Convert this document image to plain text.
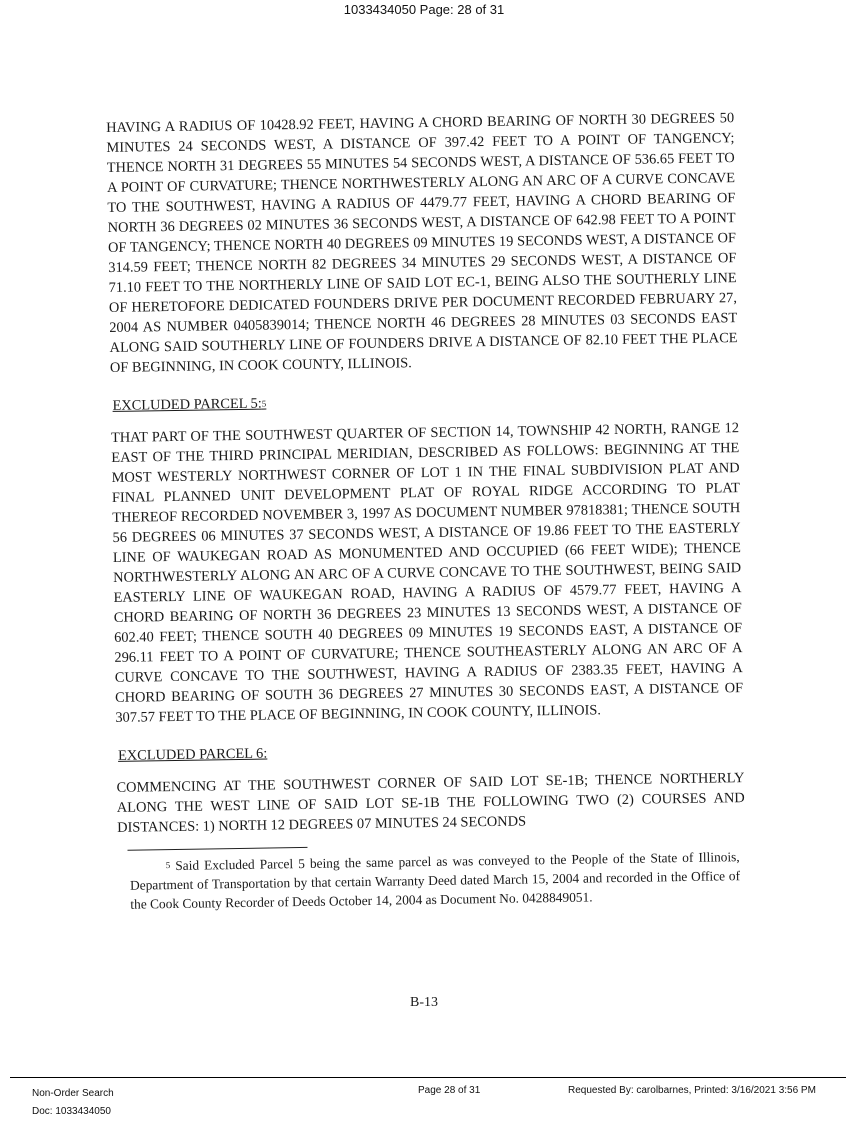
1033434050 Page: 28 of 31

HAVING A RADIUS OF 10428.92 FEET, HAVING A CHORD BEARING OF NORTH 30 DEGREES 50 MINUTES 24 SECONDS WEST, A DISTANCE OF 397.42 FEET TO A POINT OF TANGENCY; THENCE NORTH 31 DEGREES 55 MINUTES 54 SECONDS WEST, A DISTANCE OF 536.65 FEET TO A POINT OF CURVATURE; THENCE NORTHWESTERLY ALONG AN ARC OF A CURVE CONCAVE TO THE SOUTHWEST, HAVING A RADIUS OF 4479.77 FEET, HAVING A CHORD BEARING OF NORTH 36 DEGREES 02 MINUTES 36 SECONDS WEST, A DISTANCE OF 642.98 FEET TO A POINT OF TANGENCY; THENCE NORTH 40 DEGREES 09 MINUTES 19 SECONDS WEST, A DISTANCE OF 314.59 FEET; THENCE NORTH 82 DEGREES 34 MINUTES 29 SECONDS WEST, A DISTANCE OF 71.10 FEET TO THE NORTHERLY LINE OF SAID LOT EC-1, BEING ALSO THE SOUTHERLY LINE OF HERETOFORE DEDICATED FOUNDERS DRIVE PER DOCUMENT RECORDED FEBRUARY 27, 2004 AS NUMBER 0405839014; THENCE NORTH 46 DEGREES 28 MINUTES 03 SECONDS EAST ALONG SAID SOUTHERLY LINE OF FOUNDERS DRIVE A DISTANCE OF 82.10 FEET THE PLACE OF BEGINNING, IN COOK COUNTY, ILLINOIS.

EXCLUDED PARCEL 5:$^5$

THAT PART OF THE SOUTHWEST QUARTER OF SECTION 14, TOWNSHIP 42 NORTH, RANGE 12 EAST OF THE THIRD PRINCIPAL MERIDIAN, DESCRIBED AS FOLLOWS: BEGINNING AT THE MOST WESTERLY NORTHWEST CORNER OF LOT 1 IN THE FINAL SUBDIVISION PLAT AND FINAL PLANNED UNIT DEVELOPMENT PLAT OF ROYAL RIDGE ACCORDING TO PLAT THEREOF RECORDED NOVEMBER 3, 1997 AS DOCUMENT NUMBER 97818381; THENCE SOUTH 56 DEGREES 06 MINUTES 37 SECONDS WEST, A DISTANCE OF 19.86 FEET TO THE EASTERLY LINE OF WAUKEGAN ROAD AS MONUMENTED AND OCCUPIED (66 FEET WIDE); THENCE NORTHWESTERLY ALONG AN ARC OF A CURVE CONCAVE TO THE SOUTHWEST, BEING SAID EASTERLY LINE OF WAUKEGAN ROAD, HAVING A RADIUS OF 4579.77 FEET, HAVING A CHORD BEARING OF NORTH 36 DEGREES 23 MINUTES 13 SECONDS WEST, A DISTANCE OF 602.40 FEET; THENCE SOUTH 40 DEGREES 09 MINUTES 19 SECONDS EAST, A DISTANCE OF 296.11 FEET TO A POINT OF CURVATURE; THENCE SOUTHEASTERLY ALONG AN ARC OF A CURVE CONCAVE TO THE SOUTHWEST, HAVING A RADIUS OF 2383.35 FEET, HAVING A CHORD BEARING OF SOUTH 36 DEGREES 27 MINUTES 30 SECONDS EAST, A DISTANCE OF 307.57 FEET TO THE PLACE OF BEGINNING, IN COOK COUNTY, ILLINOIS.

EXCLUDED PARCEL 6:

COMMENCING AT THE SOUTHWEST CORNER OF SAID LOT SE-1B; THENCE NORTHERLY ALONG THE WEST LINE OF SAID LOT SE-1B THE FOLLOWING TWO (2) COURSES AND DISTANCES: 1) NORTH 12 DEGREES 07 MINUTES 24 SECONDS

$^5$ Said Excluded Parcel 5 being the same parcel as was conveyed to the People of the State of Illinois, Department of Transportation by that certain Warranty Deed dated March 15, 2004 and recorded in the Office of the Cook County Recorder of Deeds October 14, 2004 as Document No. 0428849051.

B-13
Non-Order Search
Doc: 1033434050
Page 28 of 31	Requested By: carolbarnes, Printed: 3/16/2021 3:56 PM
